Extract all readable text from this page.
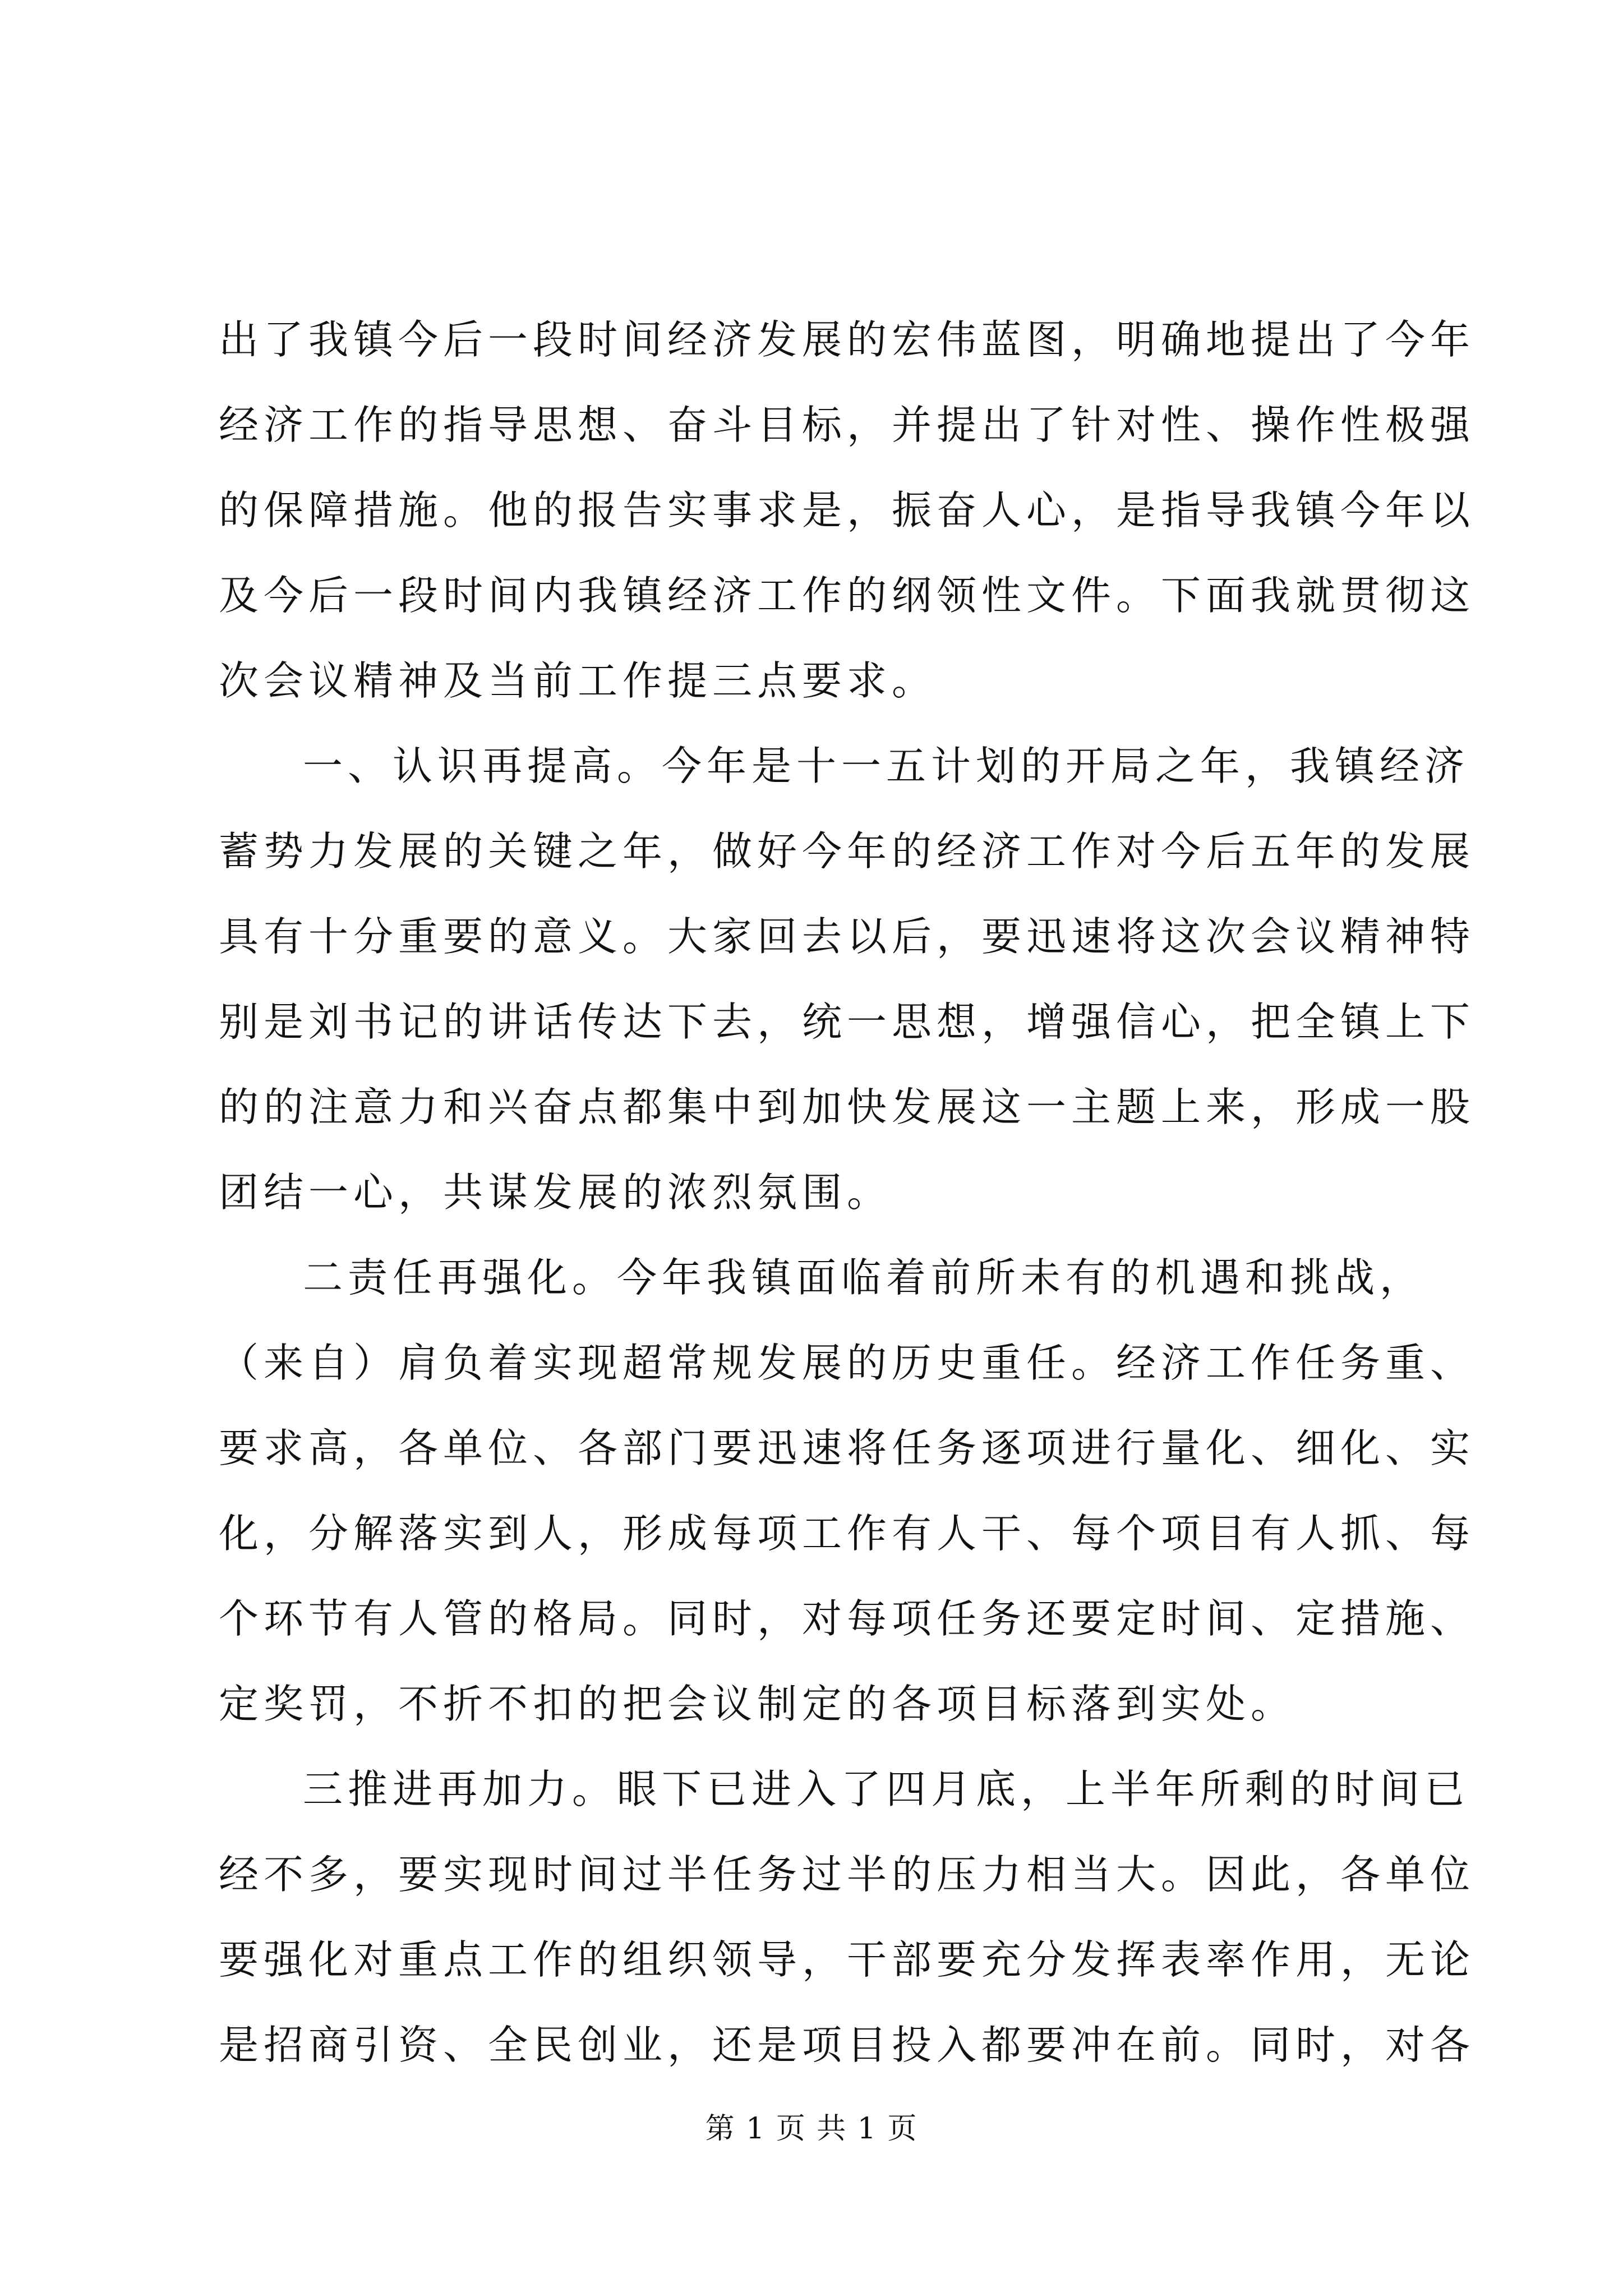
出了我镇今后一段时间经济发展的宏伟蓝图，明确地提出了今年
经济工作的指导思想、奋斗目标，并提出了针对性、操作性极强
的保障措施。他的报告实事求是，振奋人心，是指导我镇今年以
及今后一段时间内我镇经济工作的纲领性文件。下面我就贯彻这
次会议精神及当前工作提三点要求。
一、认识再提高。今年是十一五计划的开局之年，我镇经济
蓄势力发展的关键之年，做好今年的经济工作对今后五年的发展
具有十分重要的意义。大家回去以后，要迅速将这次会议精神特
别是刘书记的讲话传达下去，统一思想，增强信心，把全镇上下
的的注意力和兴奋点都集中到加快发展这一主题上来，形成一股
团结一心，共谋发展的浓烈氛围。
二责任再强化。今年我镇面临着前所未有的机遇和挑战，
（来自）肩负着实现超常规发展的历史重任。经济工作任务重、
要求高，各单位、各部门要迅速将任务逐项进行量化、细化、实
化，分解落实到人，形成每项工作有人干、每个项目有人抓、每
个环节有人管的格局。同时，对每项任务还要定时间、定措施、
定奖罚，不折不扣的把会议制定的各项目标落到实处。
三推进再加力。眼下已进入了四月底，上半年所剩的时间已
经不多，要实现时间过半任务过半的压力相当大。因此，各单位
要强化对重点工作的组织领导，干部要充分发挥表率作用，无论
是招商引资、全民创业，还是项目投入都要冲在前。同时，对各
第 1 页 共 1 页
